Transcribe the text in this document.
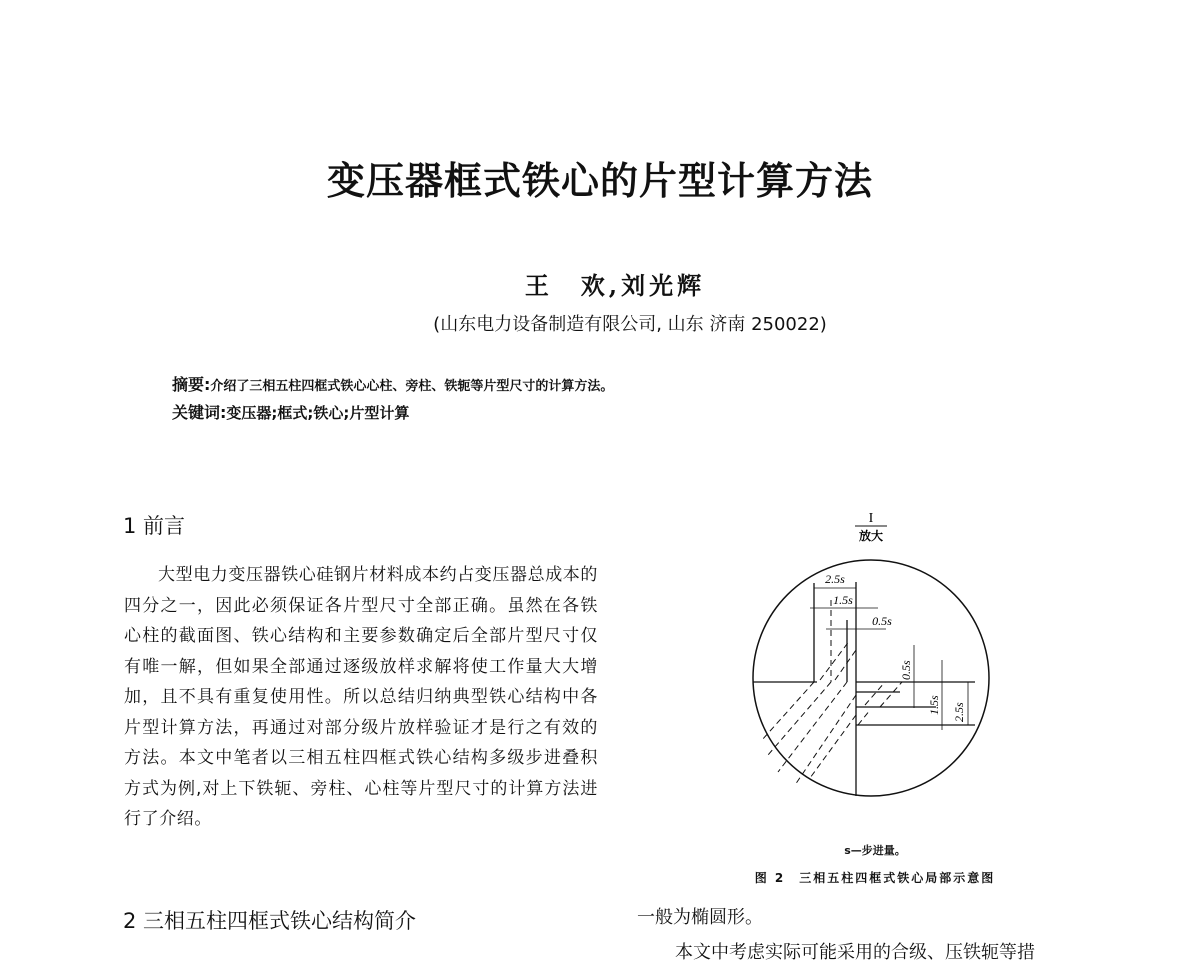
变压器框式铁心的片型计算方法
王　欢,刘光辉
(山东电力设备制造有限公司, 山东 济南 250022)
摘要:介绍了三相五柱四框式铁心心柱、旁柱、铁轭等片型尺寸的计算方法。
关键词:变压器;框式;铁心;片型计算
1 前言
大型电力变压器铁心硅钢片材料成本约占变压器总成本的四分之一，因此必须保证各片型尺寸全部正确。虽然在各铁心柱的截面图、铁心结构和主要参数确定后全部片型尺寸仅有唯一解，但如果全部通过逐级放样求解将使工作量大大增加，且不具有重复使用性。所以总结归纳典型铁心结构中各片型计算方法，再通过对部分级片放样验证才是行之有效的方法。本文中笔者以三相五柱四框式铁心结构多级步进叠积方式为例,对上下铁轭、旁柱、心柱等片型尺寸的计算方法进行了介绍。
2 三相五柱四框式铁心结构简介
I
放大
2.5s
1.5s
0.5s
0.5s
1.5s 2.5s
s—步进量。
图 2　三相五柱四框式铁心局部示意图
一般为椭圆形。
本文中考虑实际可能采用的合级、压铁轭等措
